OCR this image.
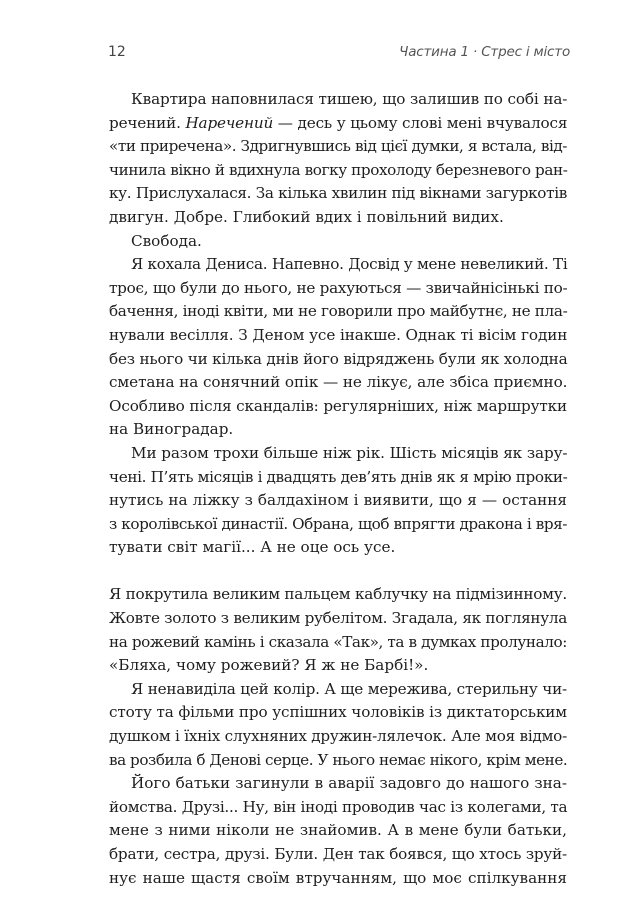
12	Частина 1 · Стрес і місто
Квартира наповнилася тишею, що залишив по собі на-
речений. Наречений — десь у цьому слові мені вчувалося
«ти приречена». Здригнувшись від цієї думки, я встала, від-
чинила вікно й вдихнула вогку прохолоду березневого ран-
ку. Прислухалася. За кілька хвилин під вікнами загуркотів
двигун. Добре. Глибокий вдих і повільний видих.
Свобода.
Я кохала Дениса. Напевно. Досвід у мене невеликий. Ті
троє, що були до нього, не рахуються — звичайнісінькі по-
бачення, іноді квіти, ми не говорили про майбутнє, не пла-
нували весілля. З Деном усе інакше. Однак ті вісім годин
без нього чи кілька днів його відряджень були як холодна
сметана на сонячний опік — не лікує, але збіса приємно.
Особливо після скандалів: регулярніших, ніж маршрутки
на Виноградар.
Ми разом трохи більше ніж рік. Шість місяців як зару-
чені. П’ять місяців і двадцять дев’ять днів як я мрію проки-
нутись на ліжку з балдахіном і виявити, що я — остання
з королівської династії. Обрана, щоб впрягти дракона і вря-
тувати світ магії... А не оце ось усе.
Я покрутила великим пальцем каблучку на підмізинному.
Жовте золото з великим рубелітом. Згадала, як поглянула
на рожевий камінь і сказала «Так», та в думках пролунало:
«Бляха, чому рожевий? Я ж не Барбі!».
Я ненавиділа цей колір. А ще мережива, стерильну чи-
стоту та фільми про успішних чоловіків із диктаторським
душком і їхніх слухняних дружин-лялечок. Але моя відмо-
ва розбила б Денові серце. У нього немає нікого, крім мене.
Його батьки загинули в аварії задовго до нашого зна-
йомства. Друзі... Ну, він іноді проводив час із колегами, та
мене з ними ніколи не знайомив. А в мене були батьки,
брати, сестра, друзі. Були. Ден так боявся, що хтось зруй-
нує наше щастя своїм втручанням, що моє спілкування
